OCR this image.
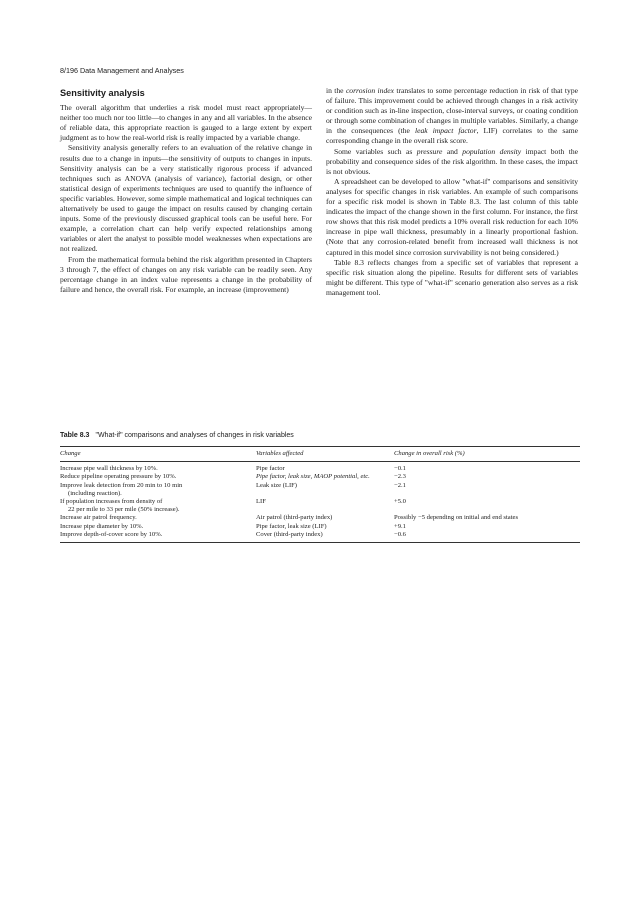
8/196 Data Management and Analyses
Sensitivity analysis

The overall algorithm that underlies a risk model must react appropriately—neither too much nor too little—to changes in any and all variables. In the absence of reliable data, this appropriate reaction is gauged to a large extent by expert judgment as to how the real-world risk is really impacted by a variable change.

Sensitivity analysis generally refers to an evaluation of the relative change in results due to a change in inputs—the sensitivity of outputs to changes in inputs. Sensitivity analysis can be a very statistically rigorous process if advanced techniques such as ANOVA (analysis of variance), factorial design, or other statistical design of experiments techniques are used to quantify the influence of specific variables. However, some simple mathematical and logical techniques can alternatively be used to gauge the impact on results caused by changing certain inputs. Some of the previously discussed graphical tools can be useful here. For example, a correlation chart can help verify expected relationships among variables or alert the analyst to possible model weaknesses when expectations are not realized.

From the mathematical formula behind the risk algorithm presented in Chapters 3 through 7, the effect of changes on any risk variable can be readily seen. Any percentage change in an index value represents a change in the probability of failure and hence, the overall risk. For example, an increase (improvement)

in the corrosion index translates to some percentage reduction in risk of that type of failure. This improvement could be achieved through changes in a risk activity or condition such as in-line inspection, close-interval surveys, or coating condition or through some combination of changes in multiple variables. Similarly, a change in the consequences (the leak impact factor, LIF) correlates to the same corresponding change in the overall risk score.

Some variables such as pressure and population density impact both the probability and consequence sides of the risk algorithm. In these cases, the impact is not obvious.

A spreadsheet can be developed to allow "what-if" comparisons and sensitivity analyses for specific changes in risk variables. An example of such comparisons for a specific risk model is shown in Table 8.3. The last column of this table indicates the impact of the change shown in the first column. For instance, the first row shows that this risk model predicts a 10% overall risk reduction for each 10% increase in pipe wall thickness, presumably in a linearly proportional fashion. (Note that any corrosion-related benefit from increased wall thickness is not captured in this model since corrosion survivability is not being considered.)

Table 8.3 reflects changes from a specific set of variables that represent a specific risk situation along the pipeline. Results for different sets of variables might be different. This type of "what-if" scenario generation also serves as a risk management tool.

Table 8.3 "What-if" comparisons and analyses of changes in risk variables
Change	Variables affected	Change in overall risk (%)
Increase pipe wall thickness by 10%.	Pipe factor	−0.1
Reduce pipeline operating pressure by 10%.	Pipe factor, leak size, MAOP potential, etc.	−2.3

Improve leak detection from 20 min to 10 min
(including reaction).	Leak size (LIF)	−2.1

If population increases from density of
22 per mile to 33 per mile (50% increase).	LIF	+5.0
Increase air patrol frequency.	Air patrol (third-party index)	Possibly −5 depending on initial and end states
Increase pipe diameter by 10%.	Pipe factor, leak size (LIF)	+9.1
Improve depth-of-cover score by 10%.	Cover (third-party index)	−0.6
